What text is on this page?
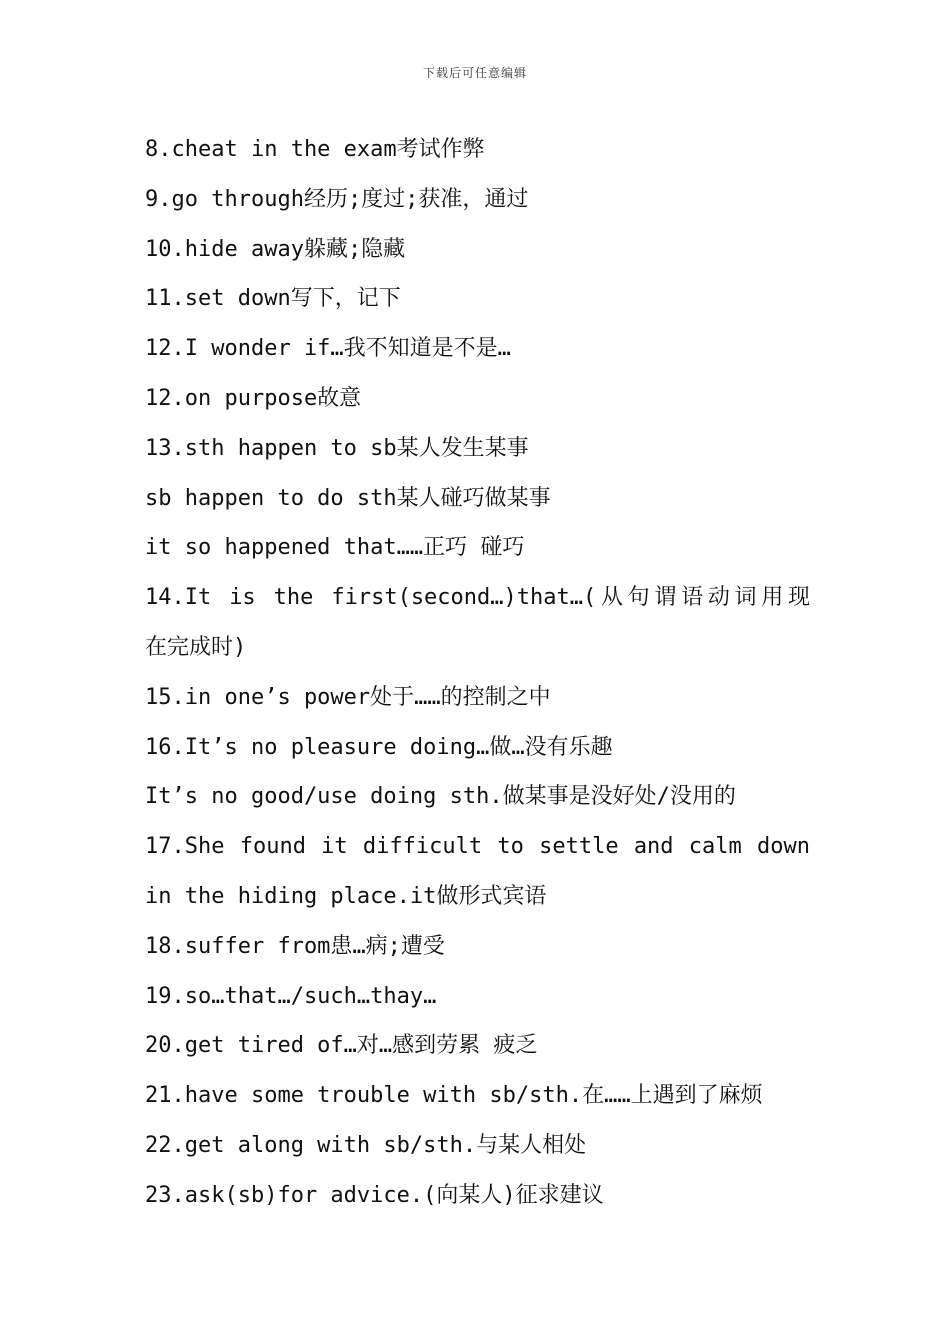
下载后可任意编辑
8.cheat in the exam考试作弊
9.go through经历;度过;获准，通过
10.hide away躲藏;隐藏
11.set down写下，记下
12.I wonder if…我不知道是不是…
12.on purpose故意
13.sth happen to sb某人发生某事
sb happen to do sth某人碰巧做某事
it so happened that……正巧 碰巧
14.It is the first(second…)that…(从句谓语动词用现
在完成时)
15.in one’s power处于……的控制之中
16.It’s no pleasure doing…做…没有乐趣
It’s no good/use doing sth.做某事是没好处/没用的
17.She found it difficult to settle and calm down
in the hiding place.it做形式宾语
18.suffer from患…病;遭受
19.so…that…/such…thay…
20.get tired of…对…感到劳累 疲乏
21.have some trouble with sb/sth.在……上遇到了麻烦
22.get along with sb/sth.与某人相处
23.ask(sb)for advice.(向某人)征求建议
